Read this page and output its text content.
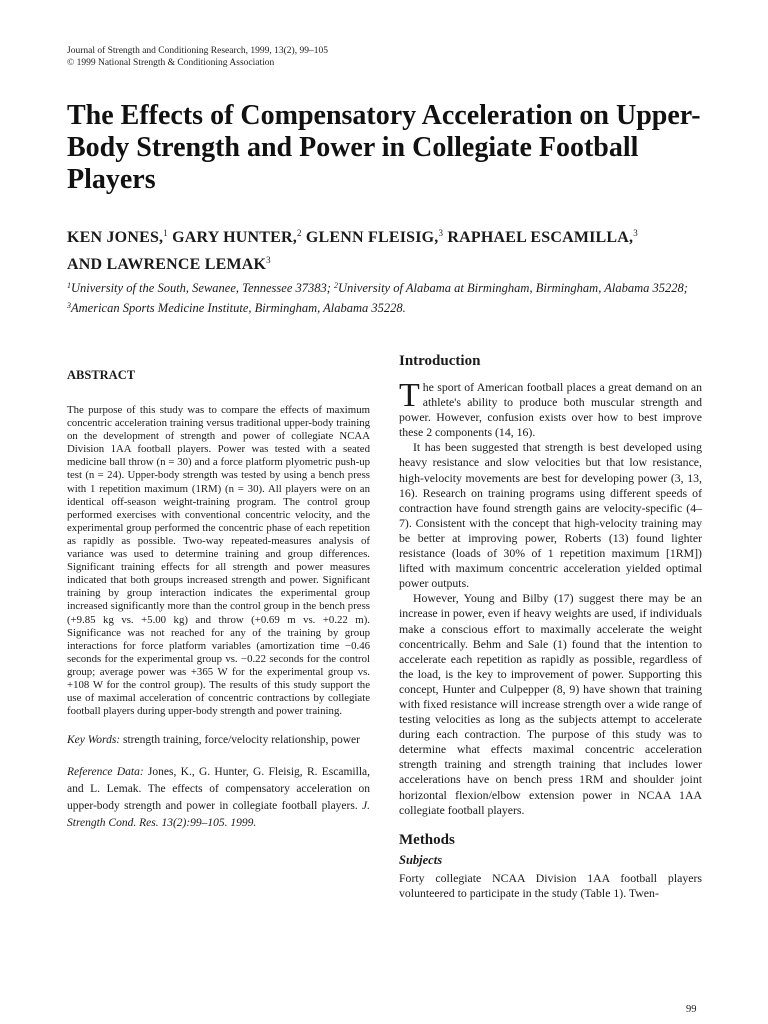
Journal of Strength and Conditioning Research, 1999, 13(2), 99–105
© 1999 National Strength & Conditioning Association
The Effects of Compensatory Acceleration on Upper-Body Strength and Power in Collegiate Football Players
KEN JONES,$^1$ GARY HUNTER,$^2$ GLENN FLEISIG,$^3$ RAPHAEL ESCAMILLA,$^3$
AND LAWRENCE LEMAK$^3$
$^1$University of the South, Sewanee, Tennessee 37383; $^2$University of Alabama at Birmingham, Birmingham, Alabama 35228; $^3$American Sports Medicine Institute, Birmingham, Alabama 35228.
ABSTRACT

The purpose of this study was to compare the effects of maximum concentric acceleration training versus traditional upper-body training on the development of strength and power of collegiate NCAA Division 1AA football players. Power was tested with a seated medicine ball throw (n = 30) and a force platform plyometric push-up test (n = 24). Upper-body strength was tested by using a bench press with 1 repetition maximum (1RM) (n = 30). All players were on an identical off-season weight-training program. The control group performed exercises with conventional concentric velocity, and the experimental group performed the concentric phase of each repetition as rapidly as possible. Two-way repeated-measures analysis of variance was used to determine training and group differences. Significant training effects for all strength and power measures indicated that both groups increased strength and power. Significant training by group interaction indicates the experimental group increased significantly more than the control group in the bench press (+9.85 kg vs. +5.00 kg) and throw (+0.69 m vs. +0.22 m). Significance was not reached for any of the training by group interactions for force platform variables (amortization time −0.46 seconds for the experimental group vs. −0.22 seconds for the control group; average power was +365 W for the experimental group vs. +108 W for the control group). The results of this study support the use of maximal acceleration of concentric contractions by collegiate football players during upper-body strength and power training.

Key Words: strength training, force/velocity relationship, power

Reference Data: Jones, K., G. Hunter, G. Fleisig, R. Escamilla, and L. Lemak. The effects of compensatory acceleration on upper-body strength and power in collegiate football players. J. Strength Cond. Res. 13(2):99–105. 1999.

Introduction

The sport of American football places a great demand on an athlete's ability to produce both muscular strength and power. However, confusion exists over how to best improve these 2 components (14, 16).

It has been suggested that strength is best developed using heavy resistance and slow velocities but that low resistance, high-velocity movements are best for developing power (3, 13, 16). Research on training programs using different speeds of contraction have found strength gains are velocity-specific (4–7). Consistent with the concept that high-velocity training may be better at improving power, Roberts (13) found lighter resistance (loads of 30% of 1 repetition maximum [1RM]) lifted with maximum concentric acceleration yielded optimal power outputs.

However, Young and Bilby (17) suggest there may be an increase in power, even if heavy weights are used, if individuals make a conscious effort to maximally accelerate the weight concentrically. Behm and Sale (1) found that the intention to accelerate each repetition as rapidly as possible, regardless of the load, is the key to improvement of power. Supporting this concept, Hunter and Culpepper (8, 9) have shown that training with fixed resistance will increase strength over a wide range of testing velocities as long as the subjects attempt to accelerate during each contraction. The purpose of this study was to determine what effects maximal concentric acceleration strength training and strength training that includes lower accelerations have on bench press 1RM and shoulder joint horizontal flexion/elbow extension power in NCAA 1AA collegiate football players.

Methods
Subjects

Forty collegiate NCAA Division 1AA football players volunteered to participate in the study (Table 1). Twen-

99
